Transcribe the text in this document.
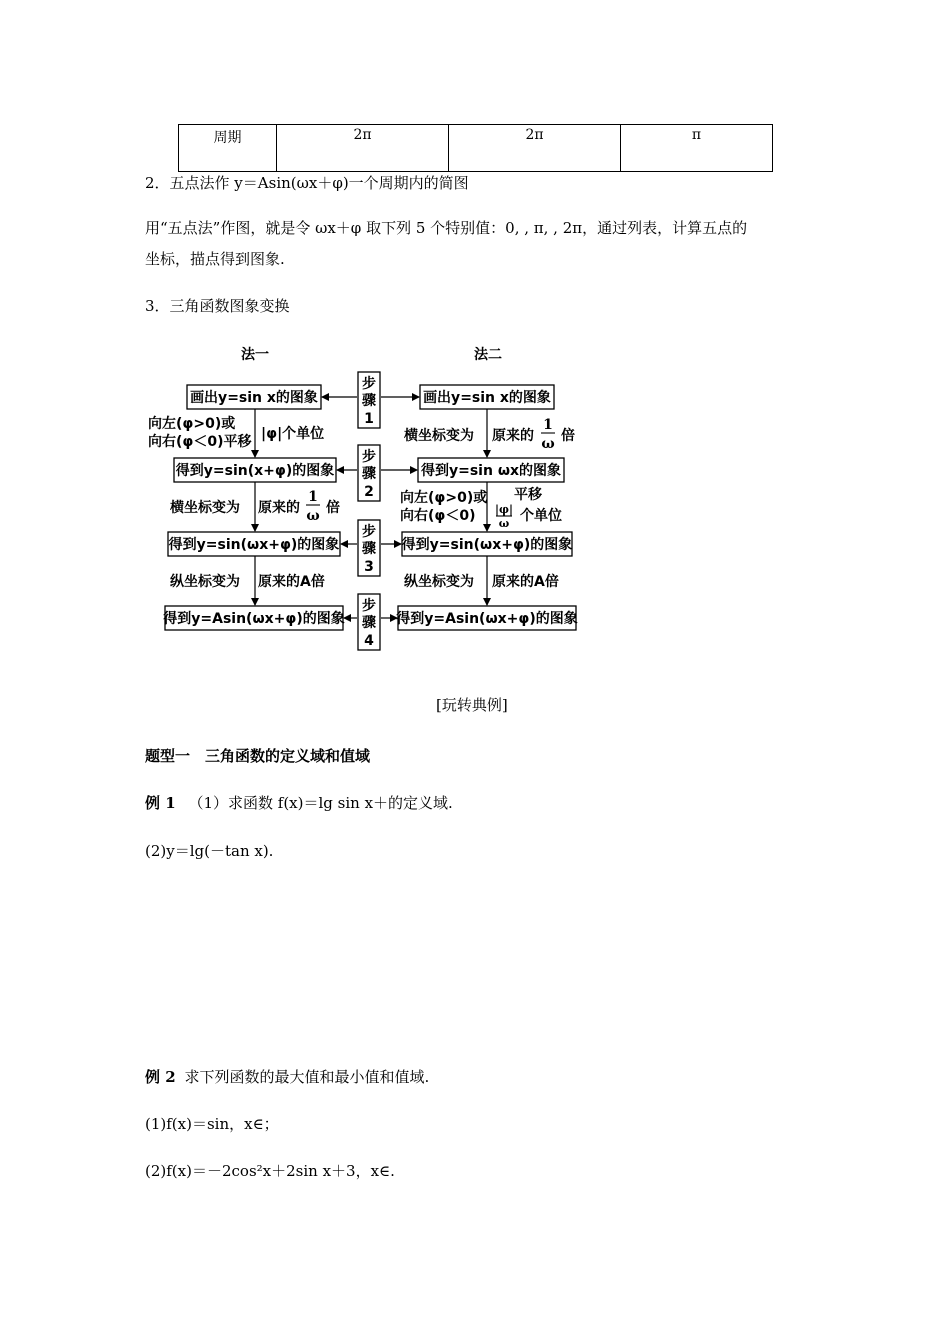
周期	2π	2π	π
2．五点法作 y＝Asin(ωx＋φ)一个周期内的简图
用“五点法”作图，就是令 ωx＋φ 取下列 5 个特别值：0, , π, , 2π，通过列表，计算五点的
坐标，描点得到图象.
3．三角函数图象变换
法一	法二
画出y=sin x的图象
得到y=sin(x+φ)的图象
得到y=sin(ωx+φ)的图象
得到y=Asin(ωx+φ)的图象
画出y=sin x的图象
得到y=sin ωx的图象
得到y=sin(ωx+φ)的图象
得到y=Asin(ωx+φ)的图象
步
骤
1
步
骤
2
步
骤
3
步
骤
4
向左(φ>0)或
向右(φ＜0)平移 |φ|个单位
横坐标变为 原来的
1
ω 倍
纵坐标变为 原来的A倍
横坐标变为 原来的
1
ω 倍
向左(φ>0)或
向右(φ＜0)
平移
|φ|
ω 个单位
纵坐标变为 原来的A倍
[玩转典例]
题型一　三角函数的定义域和值域
例 1 （1）求函数 f(x)＝lg sin x＋的定义域.
(2)y＝lg(－tan x).
例 2 求下列函数的最大值和最小值和值域.
(1)f(x)＝sin，x∈；
(2)f(x)＝－2cos²x＋2sin x＋3，x∈.
